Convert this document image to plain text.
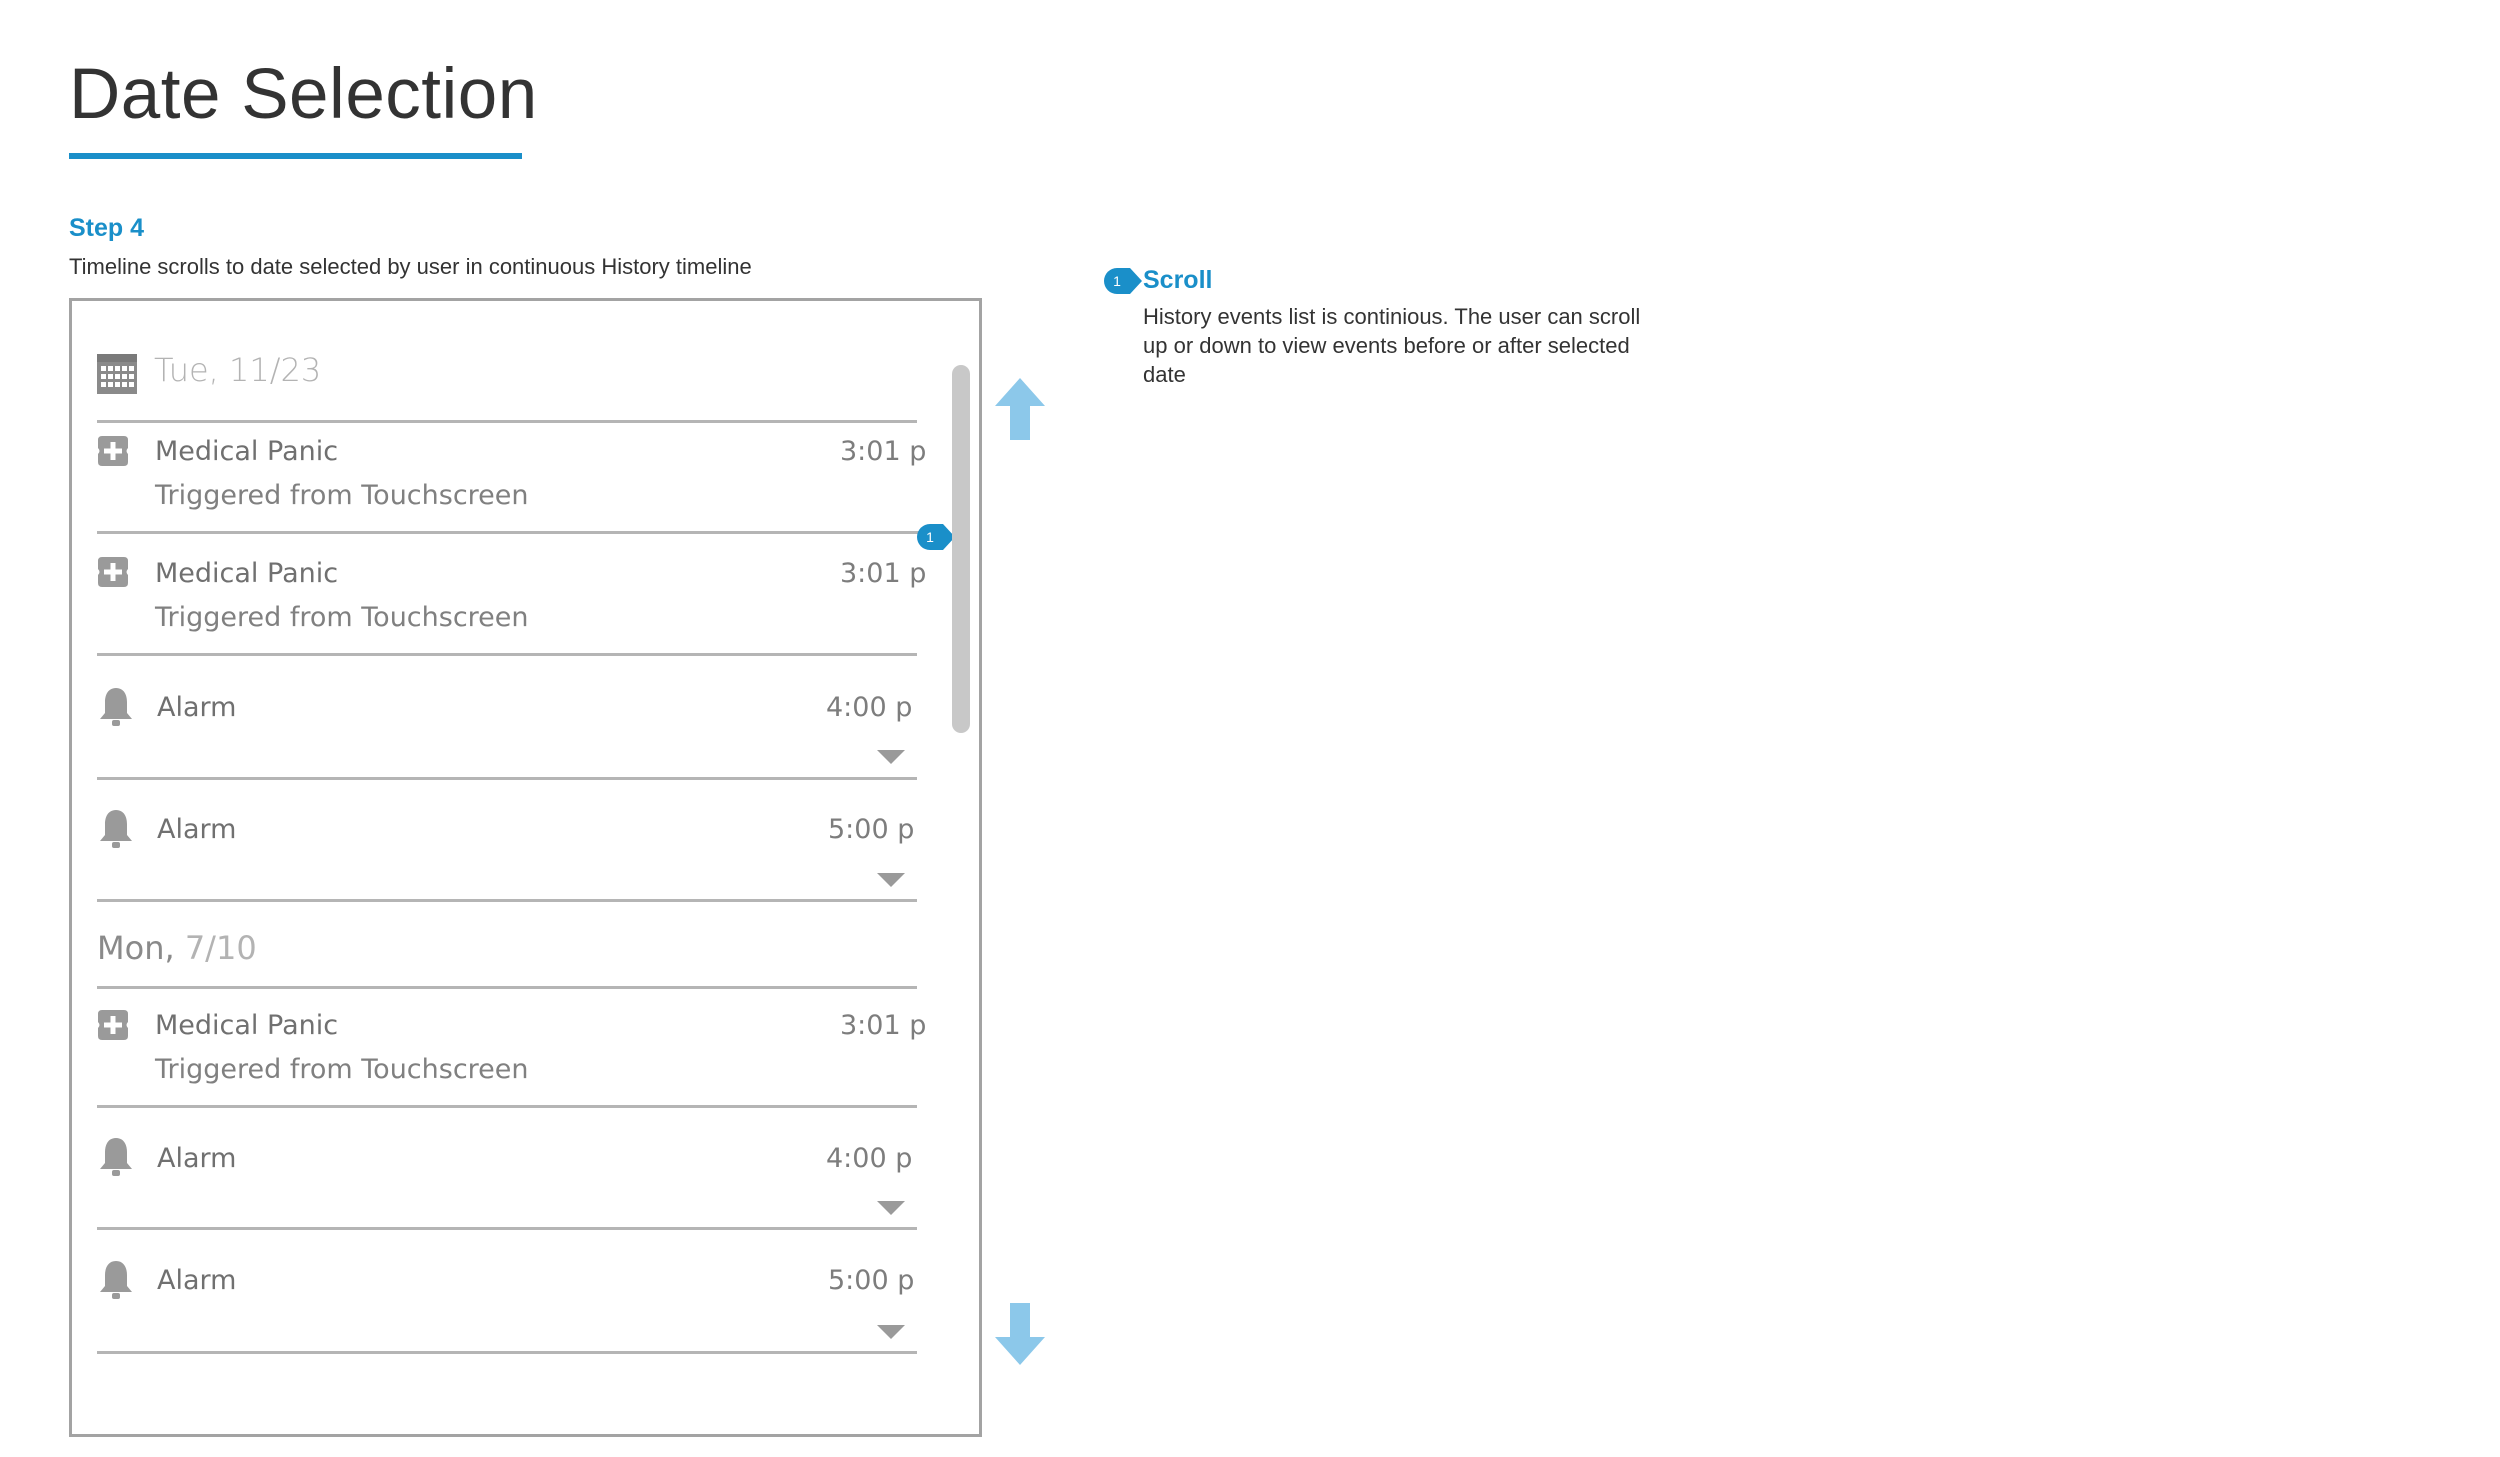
Date Selection
Step 4
Timeline scrolls to date selected by user in continuous History timeline
Tue, 11/23
Medical Panic	3:01 p
Triggered from Touchscreen
1
Medical Panic	3:01 p
Triggered from Touchscreen
Alarm	4:00 p
Alarm	5:00 p
Mon, 7/10
Medical Panic	3:01 p
Triggered from Touchscreen
Alarm	4:00 p
Alarm	5:00 p
1 Scroll
History events list is continious. The user can scroll up or down to view events before or after selected date
